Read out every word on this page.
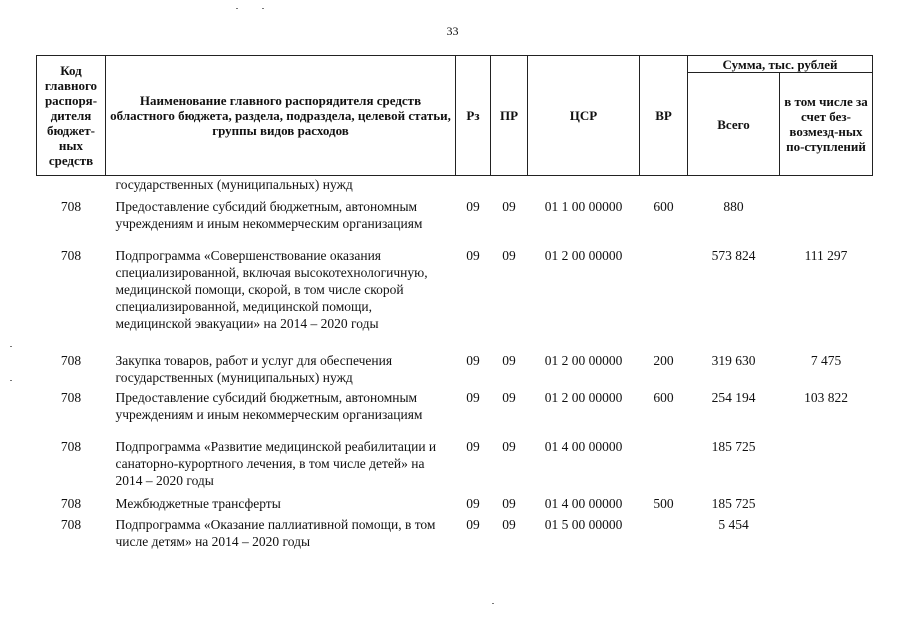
33
Код главного распоря-дителя бюджет-ных средств	Наименование главного распорядителя средств областного бюджета, раздела, подраздела, целевой статьи, группы видов расходов	Рз	ПР	ЦСР	ВР	Сумма, тыс. рублей	
						Всего	в том числе за счет без-возмезд-ных по-ступлений
	государственных (муниципальных) нужд						
708	Предоставление субсидий бюджетным, автономным учреждениям и иным некоммерческим организациям	09	09	01 1 00 00000	600	880	
708	Подпрограмма «Совершенствование оказания специализированной, включая высокотехнологичную, медицинской помощи, скорой, в том числе скорой специализированной, медицинской помощи, медицинской эвакуации» на 2014 – 2020 годы	09	09	01 2 00 00000		573 824	111 297
708	Закупка товаров, работ и услуг для обеспечения государственных (муниципальных) нужд	09	09	01 2 00 00000	200	319 630	7 475
708	Предоставление субсидий бюджетным, автономным учреждениям и иным некоммерческим организациям	09	09	01 2 00 00000	600	254 194	103 822
708	Подпрограмма «Развитие медицинской реабилитации и санаторно-курортного лечения, в том числе детей» на 2014 – 2020 годы	09	09	01 4 00 00000		185 725	
708	Межбюджетные трансферты	09	09	01 4 00 00000	500	185 725	
708	Подпрограмма «Оказание паллиативной помощи, в том числе детям» на 2014 – 2020 годы	09	09	01 5 00 00000		5 454	
